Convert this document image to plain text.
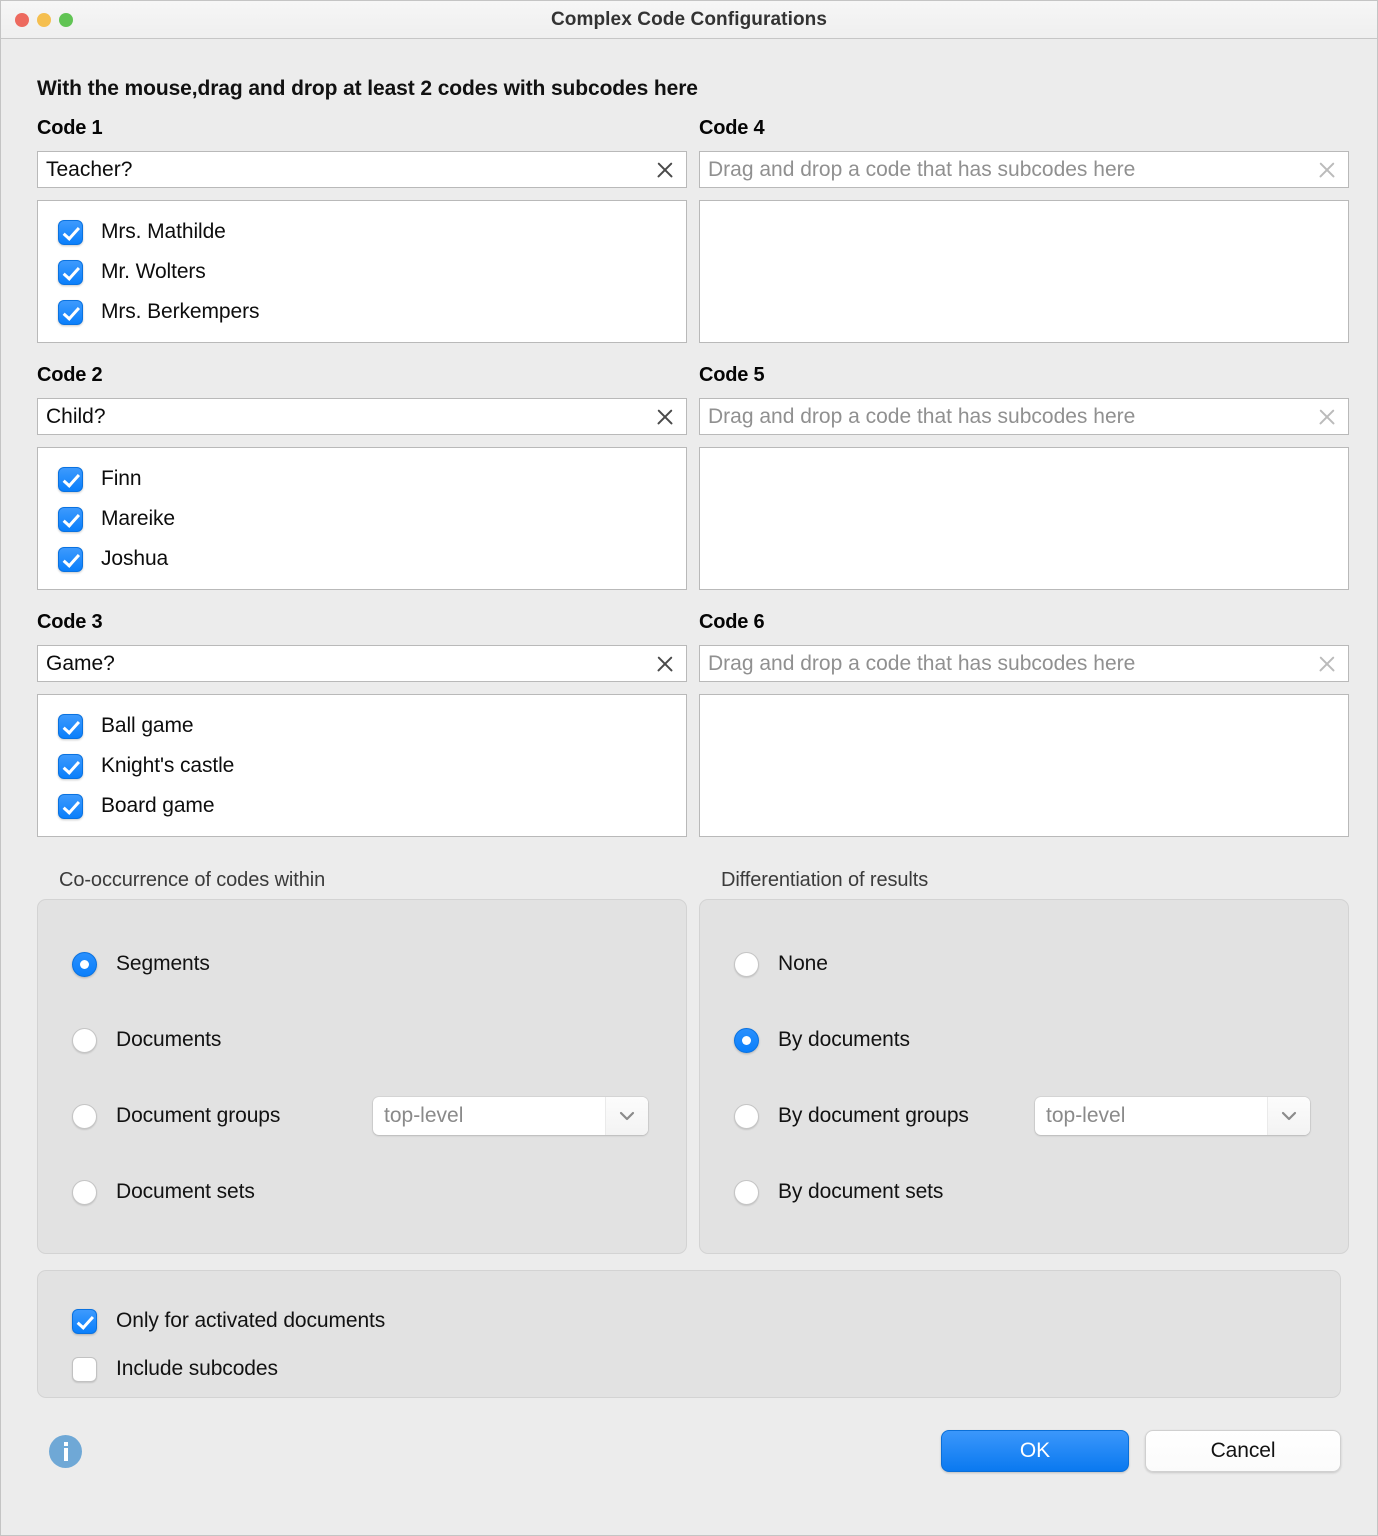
Complex Code Configurations
With the mouse,drag and drop at least 2 codes with subcodes here
Code 1
Teacher?
Mrs. Mathilde
Mr. Wolters
Mrs. Berkempers
Code 4
Drag and drop a code that has subcodes here
Code 2
Child?
Finn
Mareike
Joshua
Code 5
Drag and drop a code that has subcodes here
Code 3
Game?
Ball game
Knight's castle
Board game
Code 6
Drag and drop a code that has subcodes here
Co-occurrence of codes within
Segments
Documents
Document groups	top-level
Document sets
Differentiation of results
None
By documents
By document groups	top-level
By document sets
Only for activated documents
Include subcodes
OK	Cancel
